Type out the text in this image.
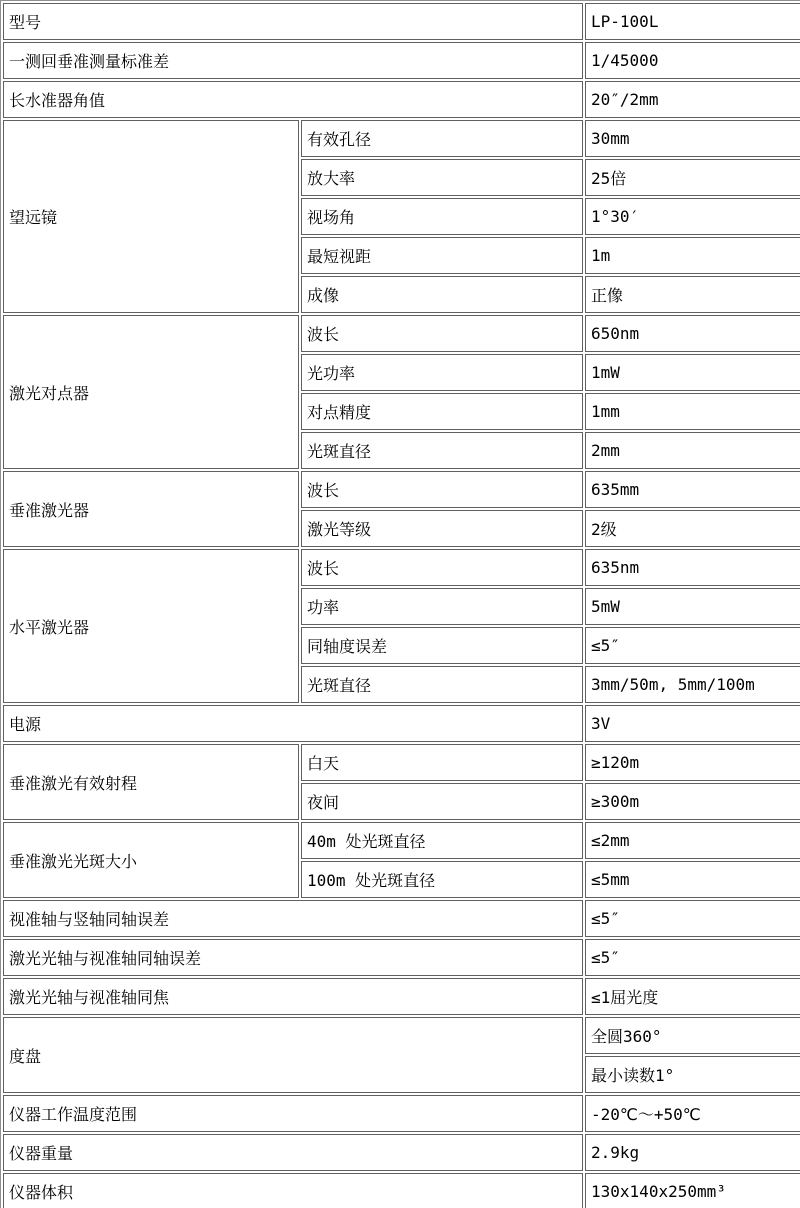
型号		LP-100L
一测回垂准测量标准差		1/45000
长水准器角值		20″/2mm
望远镜	有效孔径	30mm
	放大率	25倍
	视场角	1°30′
	最短视距	1m
	成像	正像
激光对点器	波长	650nm
	光功率	1mW
	对点精度	1mm
	光斑直径	2mm
垂准激光器	波长	635mm
	激光等级	2级
水平激光器	波长	635nm
	功率	5mW
	同轴度误差	≤5″
	光斑直径	3mm/50m, 5mm/100m
电源		3V
垂准激光有效射程	白天	≥120m
	夜间	≥300m
垂准激光光斑大小	40m 处光斑直径	≤2mm
	100m 处光斑直径	≤5mm
视准轴与竖轴同轴误差		≤5″
激光光轴与视准轴同轴误差		≤5″
激光光轴与视准轴同焦		≤1屈光度
度盘		全圆360°
		最小读数1°
仪器工作温度范围		-20℃～+50℃
仪器重量		2.9kg
仪器体积		130x140x250mm³
